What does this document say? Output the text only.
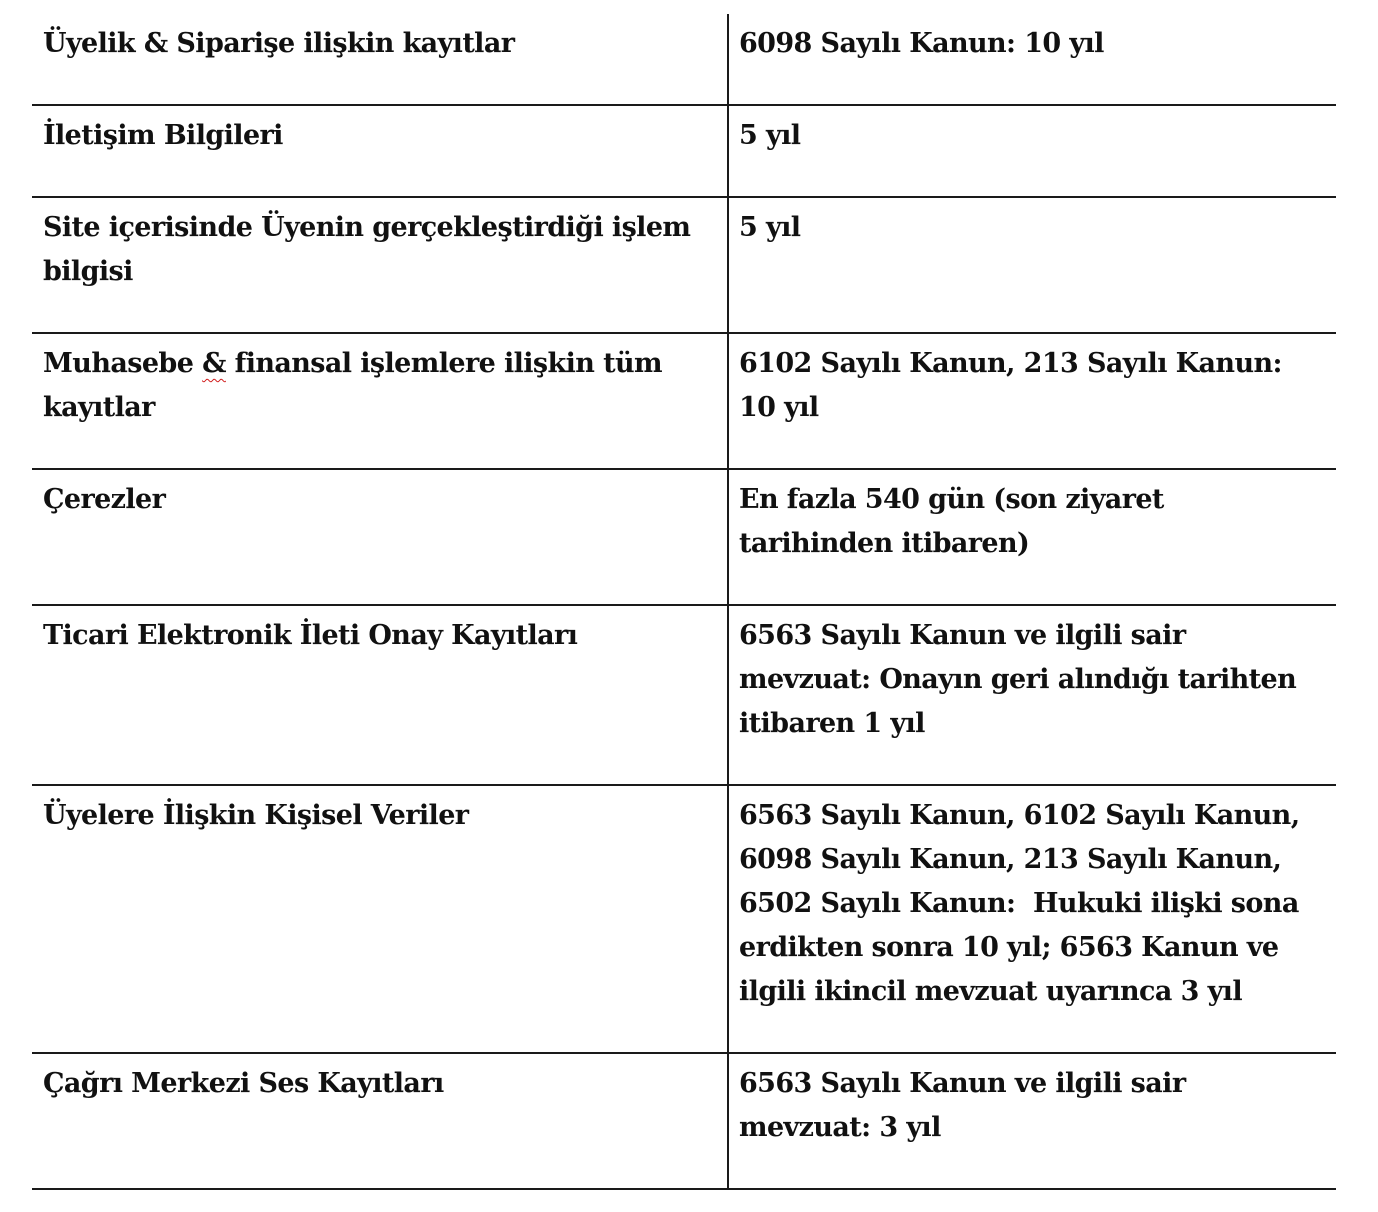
Üyelik & Siparişe ilişkin kayıtlar	6098 Sayılı Kanun: 10 yıl
İletişim Bilgileri	5 yıl
Site içerisinde Üyenin gerçekleştirdiği işlem bilgisi	5 yıl
Muhasebe & finansal işlemlere ilişkin tüm kayıtlar	6102 Sayılı Kanun, 213 Sayılı Kanun: 10 yıl
Çerezler	En fazla 540 gün (son ziyaret tarihinden itibaren)
Ticari Elektronik İleti Onay Kayıtları	6563 Sayılı Kanun ve ilgili sair mevzuat: Onayın geri alındığı tarihten itibaren 1 yıl
Üyelere İlişkin Kişisel Veriler	6563 Sayılı Kanun, 6102 Sayılı Kanun, 6098 Sayılı Kanun, 213 Sayılı Kanun, 6502 Sayılı Kanun:  Hukuki ilişki sona erdikten sonra 10 yıl; 6563 Kanun ve ilgili ikincil mevzuat uyarınca 3 yıl
Çağrı Merkezi Ses Kayıtları	6563 Sayılı Kanun ve ilgili sair mevzuat: 3 yıl
